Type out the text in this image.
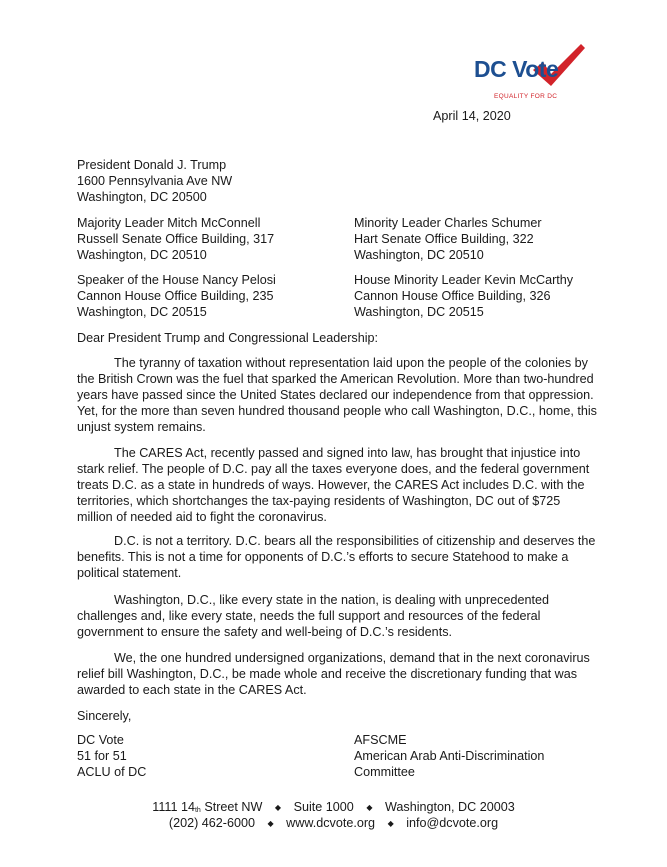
DC Vote
EQUALITY FOR DC
April 14, 2020
President Donald J. Trump
1600 Pennsylvania Ave NW
Washington, DC 20500
Majority Leader Mitch McConnell
Russell Senate Office Building, 317
Washington, DC 20510
Minority Leader Charles Schumer
Hart Senate Office Building, 322
Washington, DC 20510
Speaker of the House Nancy Pelosi
Cannon House Office Building, 235
Washington, DC 20515
House Minority Leader Kevin McCarthy
Cannon House Office Building, 326
Washington, DC 20515
Dear President Trump and Congressional Leadership:

The tyranny of taxation without representation laid upon the people of the colonies by the British Crown was the fuel that sparked the American Revolution. More than two-hundred years have passed since the United States declared our independence from that oppression. Yet, for the more than seven hundred thousand people who call Washington, D.C., home, this unjust system remains.

The CARES Act, recently passed and signed into law, has brought that injustice into stark relief. The people of D.C. pay all the taxes everyone does, and the federal government treats D.C. as a state in hundreds of ways. However, the CARES Act includes D.C. with the territories, which shortchanges the tax-paying residents of Washington, DC out of $725 million of needed aid to fight the coronavirus.

D.C. is not a territory. D.C. bears all the responsibilities of citizenship and deserves the benefits. This is not a time for opponents of D.C.’s efforts to secure Statehood to make a political statement.

Washington, D.C., like every state in the nation, is dealing with unprecedented challenges and, like every state, needs the full support and resources of the federal government to ensure the safety and well-being of D.C.’s residents.

We, the one hundred undersigned organizations, demand that in the next coronavirus relief bill Washington, D.C., be made whole and receive the discretionary funding that was awarded to each state in the CARES Act.

Sincerely,
DC Vote
51 for 51
ACLU of DC
AFSCME
American Arab Anti-Discrimination
Committee
1111 $14_{th}$ Street NW ◆ Suite 1000 ◆ Washington, DC 20003
(202) 462-6000 ◆ www.dcvote.org ◆ info@dcvote.org
